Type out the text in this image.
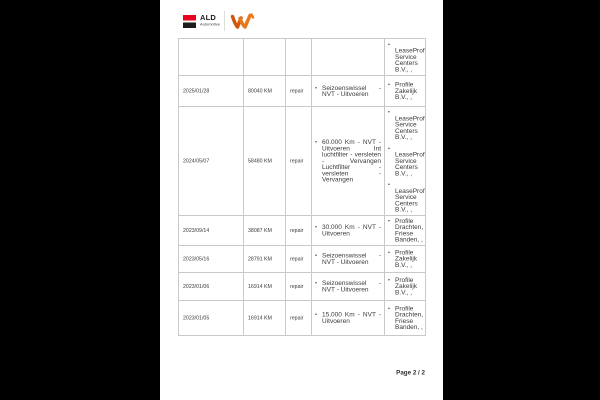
ALD
Automotive

				•LeaseProf Service Centers B.V., ,

2025/01/28	80040 KM	repair	• Seizoenswissel - NVT - Uitvoeren	• Profile Zakelijk B.V., ,

2024/05/07	58480 KM	repair	• 60.000 Km - NVT - Uitvoeren Int luchtfilter - versleten - Vervangen Luchtfilter - versleten - Vervangen	•LeaseProf Service Centers B.V., ,
•LeaseProf Service Centers B.V., ,
•LeaseProf Service Centers B.V., ,

2023/09/14	38087 KM	repair	• 30.000 Km - NVT - Uitvoeren	• Profile Drachten, Friese Banden, ,

2023/05/16	28791 KM	repair	• Seizoenswissel - NVT - Uitvoeren	• Profile Zakelijk B.V., ,

2023/01/06	16914 KM	repair	• Seizoenswissel - NVT - Uitvoeren	• Profile Zakelijk B.V., ,

2023/01/05	16914 KM	repair	• 15.000 Km - NVT - Uitvoeren	• Profile Drachten, Friese Banden, ,
Page 2 / 2
